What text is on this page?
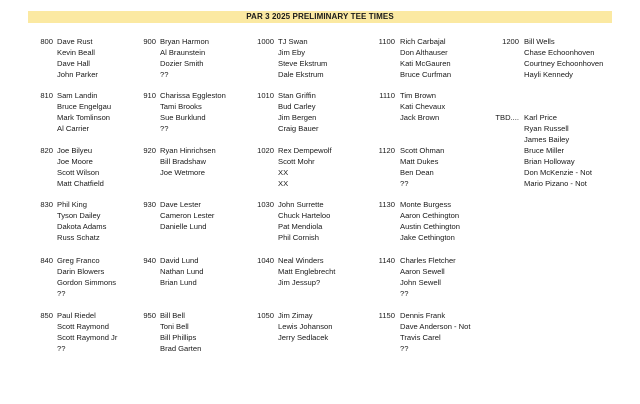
PAR 3 2025 PRELIMINARY TEE TIMES
800 Dave Rust
Kevin Beall
Dave Hall
John Parker
810 Sam Landin
Bruce Engelgau
Mark Tomlinson
Al Carrier
820 Joe Bilyeu
Joe Moore
Scott Wilson
Matt Chatfield
830 Phil King
Tyson Dailey
Dakota Adams
Russ Schatz
840 Greg Franco
Darin Blowers
Gordon Simmons
??
850 Paul Riedel
Scott Raymond
Scott Raymond Jr
??
900 Bryan Harmon
Al Braunstein
Dozier Smith
??
910 Charissa Eggleston
Tami Brooks
Sue Burklund
??
920 Ryan Hinrichsen
Bill Bradshaw
Joe Wetmore
930 Dave Lester
Cameron Lester
Danielle Lund
940 David Lund
Nathan Lund
Brian Lund
950 Bill Bell
Toni Bell
Bill Phillips
Brad Garten
1000 TJ Swan
Jim Eby
Steve Ekstrum
Dale Ekstrum
1010 Stan Griffin
Bud Carley
Jim Bergen
Craig Bauer
1020 Rex Dempewolf
Scott Mohr
XX
XX
1030 John Surrette
Chuck Harteloo
Pat Mendiola
Phil Cornish
1040 Neal Winders
Matt Englebrecht
Jim Jessup?
1050 Jim Zimay
Lewis Johanson
Jerry Sedlacek
1100 Rich Carbajal
Don Althauser
Kati McGauren
Bruce Curfman
1110 Tim Brown
Kati Chevaux
Jack Brown
1120 Scott Ohman
Matt Dukes
Ben Dean
??
1130 Monte Burgess
Aaron Cethington
Austin Cethington
Jake Cethington
1140 Charles Fletcher
Aaron Sewell
John Sewell
??
1150 Dennis Frank
Dave Anderson - Not
Travis Carel
??
1200 Bill Wells
Chase Echoonhoven
Courtney Echoonhoven
Hayli Kennedy
TBD.... Karl Price
Ryan Russell
James Bailey
Bruce Miller
Brian Holloway
Don McKenzie - Not
Mario Pizano - Not
